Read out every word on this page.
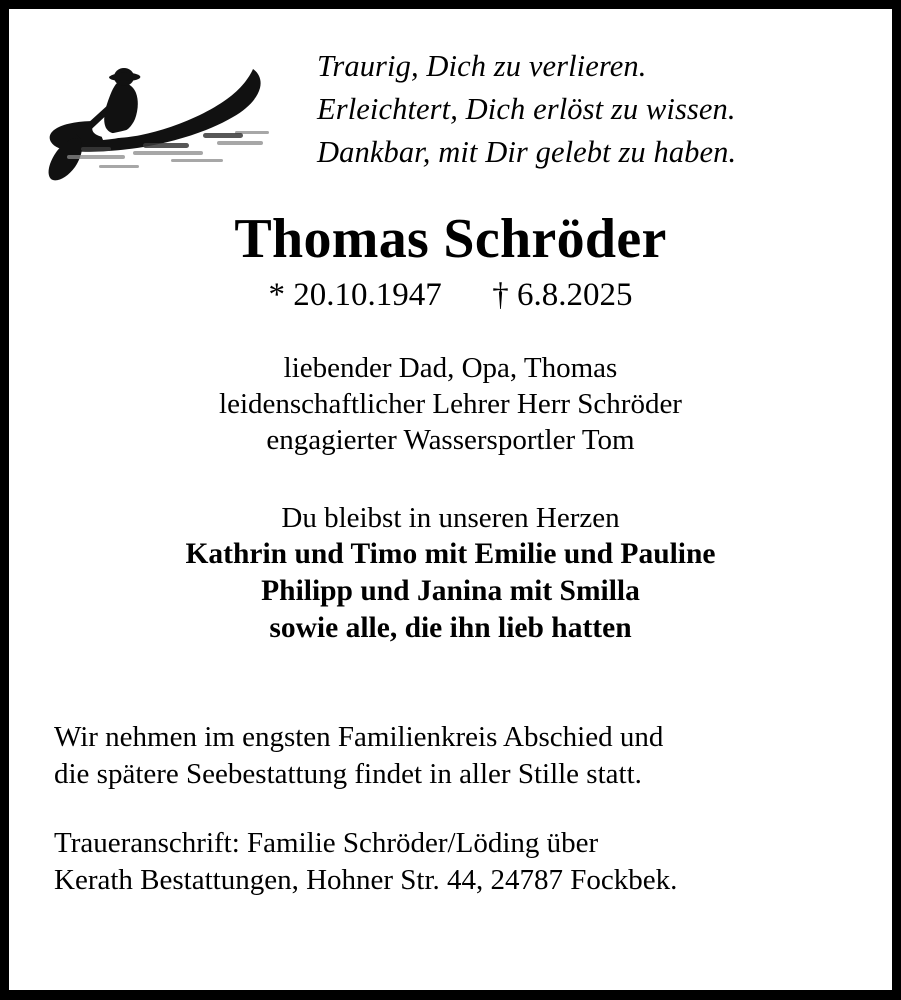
Traurig, Dich zu verlieren.
Erleichtert, Dich erlöst zu wissen.
Dankbar, mit Dir gelebt zu haben.
Thomas Schröder
* 20.10.1947 † 6.8.2025
liebender Dad, Opa, Thomas
leidenschaftlicher Lehrer Herr Schröder
engagierter Wassersportler Tom
Du bleibst in unseren Herzen
Kathrin und Timo mit Emilie und Pauline
Philipp und Janina mit Smilla
sowie alle, die ihn lieb hatten
Wir nehmen im engsten Familienkreis Abschied und
die spätere Seebestattung findet in aller Stille statt.
Traueranschrift: Familie Schröder/Löding über
Kerath Bestattungen, Hohner Str. 44, 24787 Fockbek.
